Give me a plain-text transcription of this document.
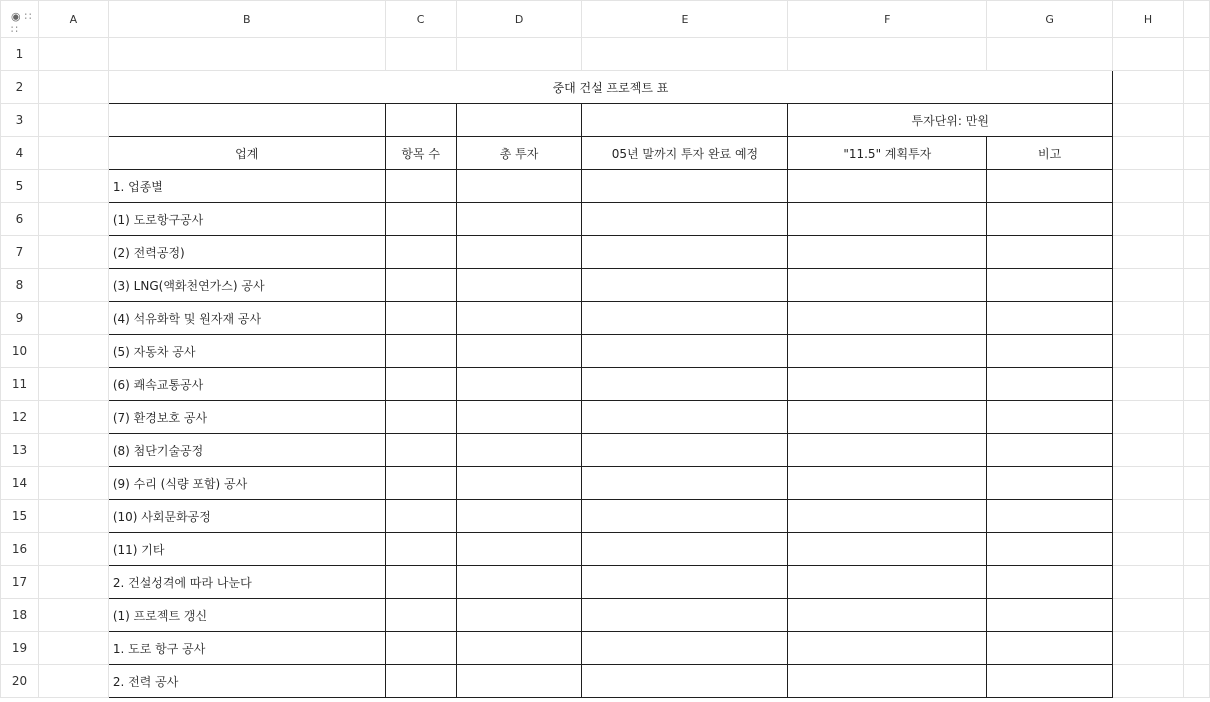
◉ ∷
∷	A	B	C	D	E	F	G	H	
1									
2		중대 건설 프로젝트 표							
3						투자단위: 만원			
4		업계	항목 수	총 투자	05년 말까지 투자 완료 예정	"11.5" 계획투자	비고		
5		1. 업종별							
6		(1) 도로항구공사							
7		(2) 전력공정)							
8		(3) LNG(액화천연가스) 공사							
9		(4) 석유화학 및 원자재 공사							
10		(5) 자동차 공사							
11		(6) 쾌속교통공사							
12		(7) 환경보호 공사							
13		(8) 첨단기술공정							
14		(9) 수리 (식량 포함) 공사							
15		(10) 사회문화공정							
16		(11) 기타							
17		2. 건설성격에 따라 나눈다							
18		(1) 프로젝트 갱신							
19		1. 도로 항구 공사							
20		2. 전력 공사							
